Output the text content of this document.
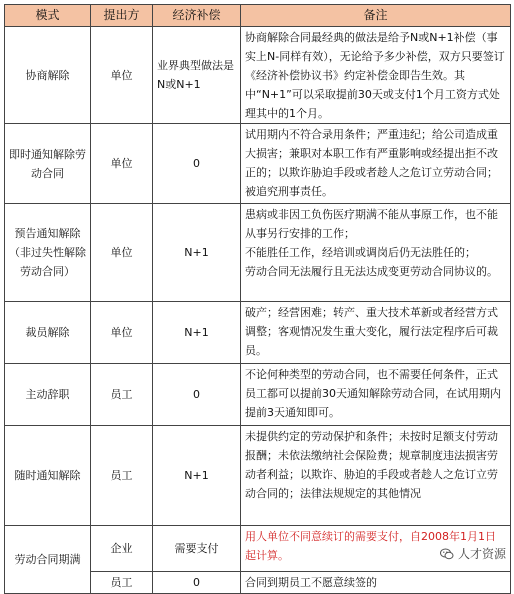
模式	提出方	经济补偿	备注
协商解除	单位	业界典型做法是N或N+1	协商解除合同最经典的做法是给予N或N+1补偿（事实上N-同样有效），无论给予多少补偿，双方只要签订《经济补偿协议书》约定补偿金即告生效。其中“N+1”可以采取提前30天或支付1个月工资方式处理其中的1个月。

即时通知解除劳动合同	单位	0	试用期内不符合录用条件；严重违纪；给公司造成重大损害；兼职对本职工作有严重影响或经提出拒不改正的；以欺诈胁迫手段或者趁人之危订立劳动合同；被追究刑事责任。

预告通知解除（非过失性解除劳动合同）	单位	N+1	患病或非因工负伤医疗期满不能从事原工作，也不能从事另行安排的工作；
不能胜任工作，经培训或调岗后仍无法胜任的；
劳动合同无法履行且无法达成变更劳动合同协议的。

裁员解除	单位	N+1	破产；经营困难；转产、重大技术革新或者经营方式调整；客观情况发生重大变化，履行法定程序后可裁员。

主动辞职	员工	0	不论何种类型的劳动合同，也不需要任何条件，正式员工都可以提前30天通知解除劳动合同，在试用期内提前3天通知即可。

随时通知解除	员工	N+1	未提供约定的劳动保护和条件；未按时足额支付劳动报酬；未依法缴纳社会保险费；规章制度违法损害劳动者利益；以欺诈、胁迫的手段或者趁人之危订立劳动合同的；法律法规规定的其他情况

劳动合同期满	企业	需要支付	用人单位不同意续订的需要支付，自2008年1月1日起计算。

	员工	0	合同到期员工不愿意续签的
人才资源
